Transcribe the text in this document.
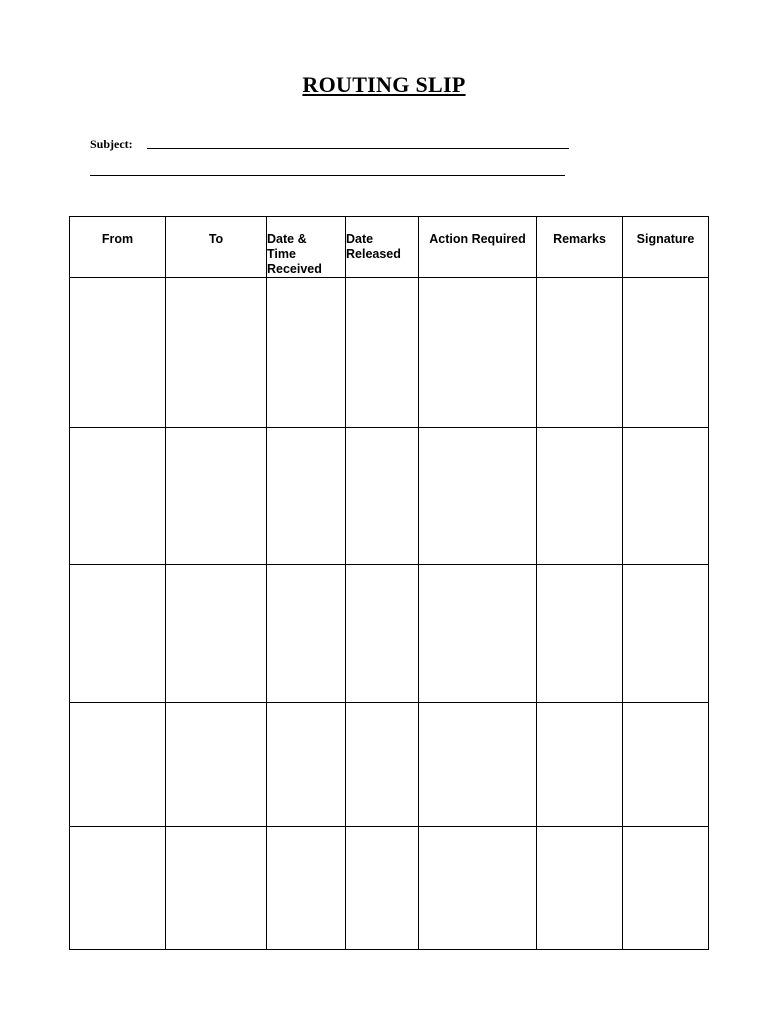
ROUTING SLIP
Subject:
From	To	Date & Time Received	Date Released	Action Required	Remarks	Signature
